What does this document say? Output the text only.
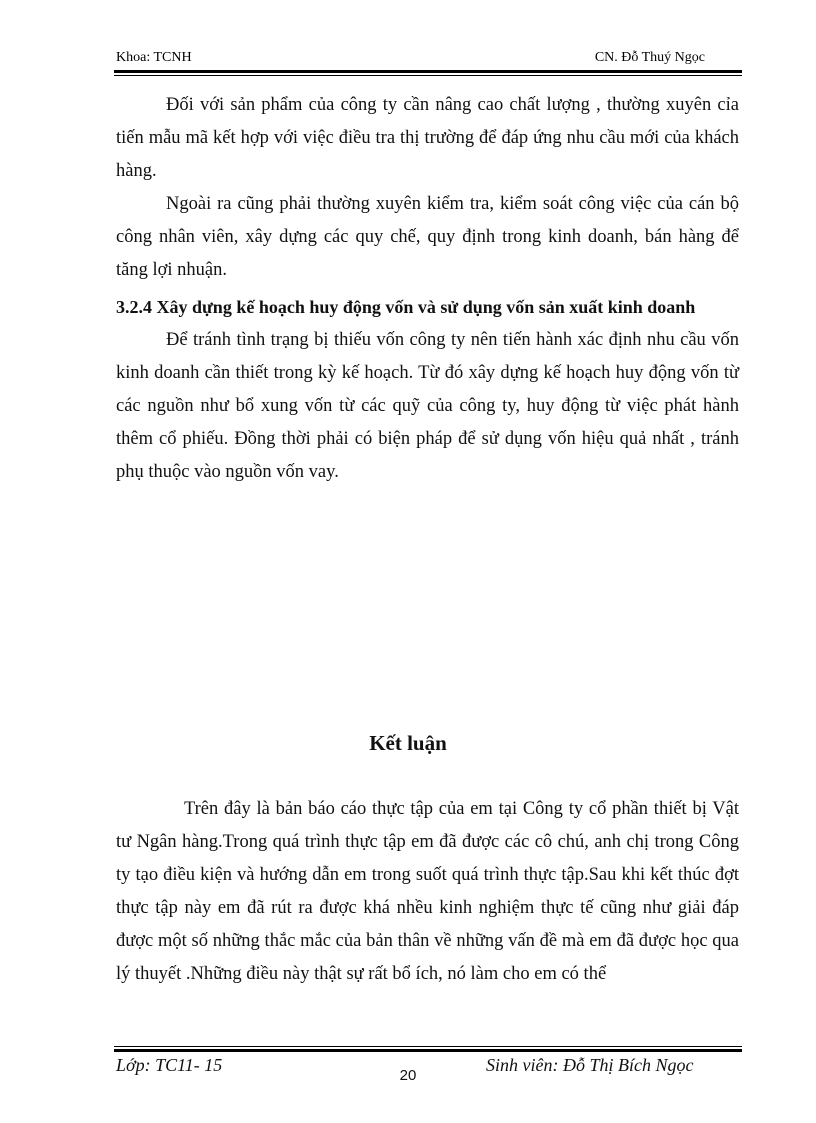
Khoa: TCNH	CN. Đỗ Thuý Ngọc

Đối với sản phẩm của công ty cần nâng cao chất lượng , thường xuyên cỉa tiến mẫu mã kết hợp với việc điều tra thị trường để đáp ứng nhu cầu mới của khách hàng.

Ngoài ra cũng phải thường xuyên kiểm tra, kiểm soát công việc của cán bộ công nhân viên, xây dựng các quy chế, quy định trong kinh doanh, bán hàng để tăng lợi nhuận.

3.2.4 Xây dựng kế hoạch huy động vốn và sử dụng vốn sản xuất kinh doanh

Để tránh tình trạng bị thiếu vốn công ty nên tiến hành xác định nhu cầu vốn kinh doanh cần thiết trong kỳ kế hoạch. Từ đó xây dựng kế hoạch huy động vốn từ các nguồn như bổ xung vốn từ các quỹ của công ty, huy động từ việc phát hành thêm cổ phiếu. Đồng thời phải có biện pháp để sử dụng vốn hiệu quả nhất , tránh phụ thuộc vào nguồn vốn vay.

Kết luận

Trên đây là bản báo cáo thực tập của em tại Công ty cổ phần thiết bị Vật tư Ngân hàng.Trong quá trình thực tập em đã được các cô chú, anh chị trong Công ty tạo điều kiện và hướng dẫn em trong suốt quá trình thực tập.Sau khi kết thúc đợt thực tập này em đã rút ra được khá nhều kinh nghiệm thực tế cũng như giải đáp được một số những thắc mắc của bản thân về những vấn đề mà em đã được học qua lý thuyết .Những điều này thật sự rất bổ ích, nó làm cho em có thể

Lớp: TC11- 15	Sinh viên: Đỗ Thị Bích Ngọc
20
